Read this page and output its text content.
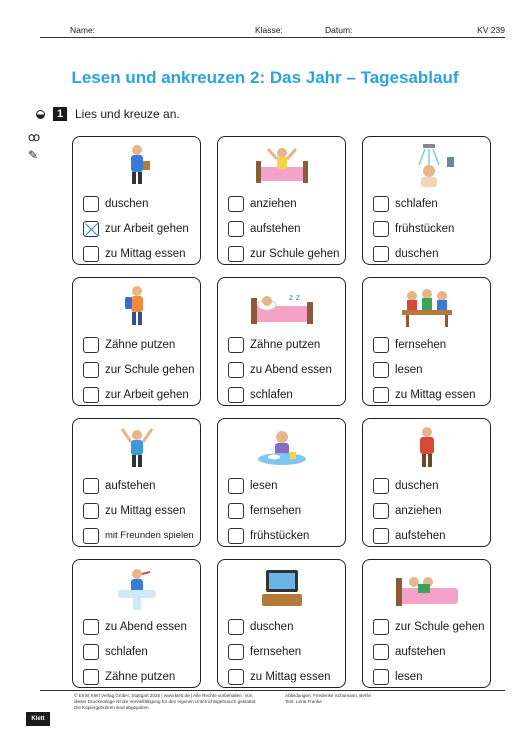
Name:	Klasse:	Datum:	KV 239
Lesen und ankreuzen 2: Das Jahr – Tagesablauf
1 Lies und kreuze an.
ꝏ
✎
duschen
zur Arbeit gehen
zu Mittag essen
anziehen
aufstehen
zur Schule gehen
schlafen
frühstücken
duschen
Zähne putzen
zur Schule gehen
zur Arbeit gehen
z z
Zähne putzen
zu Abend essen
schlafen
fernsehen
lesen
zu Mittag essen
aufstehen
zu Mittag essen
mit Freunden spielen
lesen
fernsehen
frühstücken
duschen
anziehen
aufstehen
zu Abend essen
schlafen
Zähne putzen
duschen
fernsehen
zu Mittag essen
zur Schule gehen
aufstehen
lesen
© Ernst Klett Verlag GmbH, Stuttgart 2025 | www.klett.de | Alle Rechte vorbehalten. Von dieser Druckvorlage ist die Vervielfältigung für den eigenen Unterrichtsgebrauch gestattet. Die Kopiergebühren sind abgegolten.
Abbildungen: Friederike Schumann, Berlin
Text: Lena Franke
Klett
